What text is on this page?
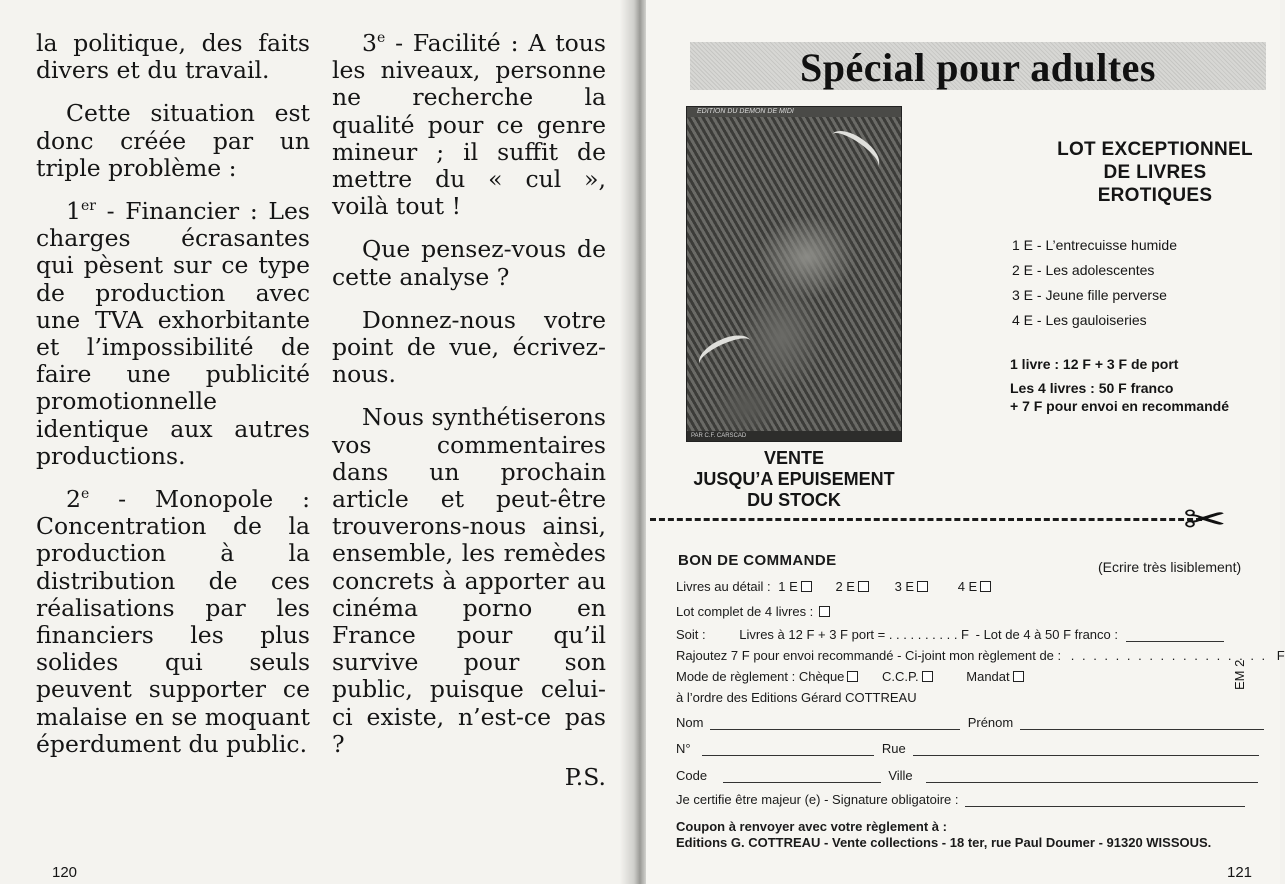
la politique, des faits divers et du travail.

Cette situation est donc créée par un triple problème :

1er - Financier : Les charges écrasantes qui pèsent sur ce type de production avec une TVA exhorbitante et l’impossibilité de faire une publicité promotionnelle identique aux autres productions.

2e - Monopole : Concentration de la production à la distribution de ces réalisations par les financiers les plus solides qui seuls peuvent supporter ce malaise en se moquant éperdument du public.

3e - Facilité : A tous les niveaux, personne ne recherche la qualité pour ce genre mineur ; il suffit de mettre du « cul », voilà tout !

Que pensez-vous de cette analyse ?

Donnez-nous votre point de vue, écrivez-nous.

Nous synthétiserons vos commentaires dans un prochain article et peut-être trouverons-nous ainsi, ensemble, les remèdes concrets à apporter au cinéma porno en France pour qu’il survive pour son public, puisque celui-ci existe, n’est-ce pas ?

P.S.

120
Spécial pour adultes
EDITION DU DEMON DE MIDI
PAR C.F. CARSCAD
LOT EXCEPTIONNEL
DE LIVRES
EROTIQUES
1 E - L’entrecuisse humide
2 E - Les adolescentes
3 E - Jeune fille perverse
4 E - Les gauloiseries
1 livre : 12 F + 3 F de port
Les 4 livres : 50 F franco
+ 7 F pour envoi en recommandé
VENTE
JUSQU’A EPUISEMENT
DU STOCK	✂
BON DE COMMANDE	(Ecrire très lisiblement)
Livres au détail : 1 E	2 E	3 E	4 E
Lot complet de 4 livres :
Soit :	Livres à 12 F + 3 F port = . . . . . . . . . . F - Lot de 4 à 50 F franco :
Rajoutez 7 F pour envoi recommandé - Ci-joint mon règlement de : . . . . . . . . . . . . . . . . . . F
Mode de règlement : Chèque	C.C.P.	Mandat
à l’ordre des Editions Gérard COTTREAU
Nom	Prénom
N°	Rue
Code	Ville
Je certifie être majeur (e) - Signature obligatoire :
Coupon à renvoyer avec votre règlement à :
Editions G. COTTREAU - Vente collections - 18 ter, rue Paul Doumer - 91320 WISSOUS.
EM 2
121
